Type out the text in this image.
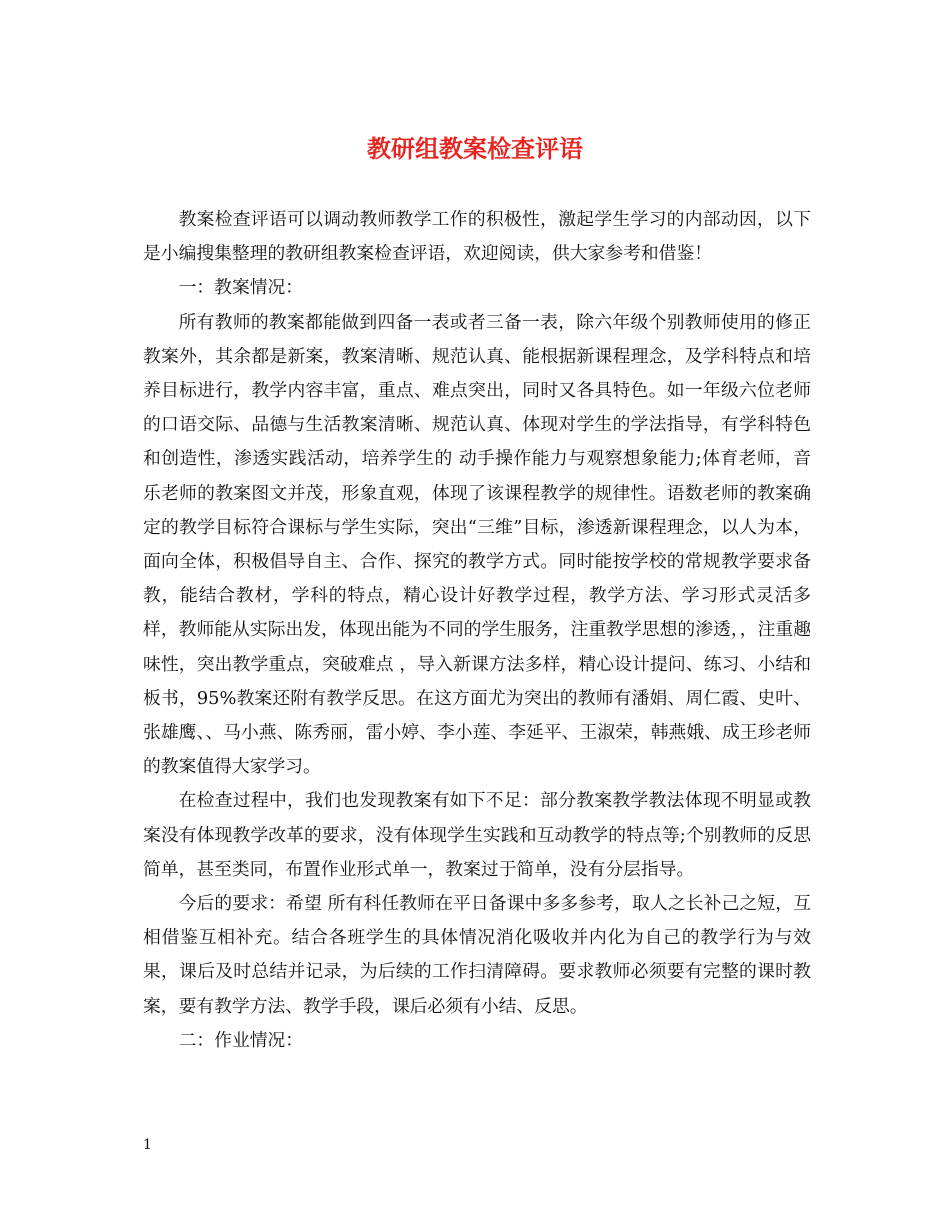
教研组教案检查评语

教案检查评语可以调动教师教学工作的积极性，激起学生学习的内部动因，以下是小编搜集整理的教研组教案检查评语，欢迎阅读，供大家参考和借鉴！

一：教案情况：

所有教师的教案都能做到四备一表或者三备一表，除六年级个别教师使用的修正教案外，其余都是新案，教案清晰、规范认真、能根据新课程理念，及学科特点和培养目标进行，教学内容丰富，重点、难点突出，同时又各具特色。如一年级六位老师的口语交际、品德与生活教案清晰、规范认真、体现对学生的学法指导，有学科特色和创造性，渗透实践活动，培养学生的 动手操作能力与观察想象能力;体育老师，音乐老师的教案图文并茂，形象直观，体现了该课程教学的规律性。语数老师的教案确定的教学目标符合课标与学生实际，突出“三维”目标，渗透新课程理念，以人为本，面向全体，积极倡导自主、合作、探究的教学方式。同时能按学校的常规教学要求备教，能结合教材，学科的特点，精心设计好教学过程，教学方法、学习形式灵活多样，教师能从实际出发，体现出能为不同的学生服务，注重教学思想的渗透，，注重趣味性，突出教学重点，突破难点 ，导入新课方法多样，精心设计提问、练习、小结和板书，95%教案还附有教学反思。在这方面尤为突出的教师有潘娟、周仁霞、史叶、张雄鹰、、马小燕、陈秀丽，雷小婷、李小莲、李延平、王淑荣，韩燕娥、成王珍老师的教案值得大家学习。

在检查过程中，我们也发现教案有如下不足：部分教案教学教法体现不明显或教案没有体现教学改革的要求，没有体现学生实践和互动教学的特点等;个别教师的反思简单，甚至类同，布置作业形式单一，教案过于简单，没有分层指导。

今后的要求：希望 所有科任教师在平日备课中多多参考，取人之长补己之短，互相借鉴互相补充。结合各班学生的具体情况消化吸收并内化为自己的教学行为与效果，课后及时总结并记录，为后续的工作扫清障碍。要求教师必须要有完整的课时教案，要有教学方法、教学手段，课后必须有小结、反思。

二：作业情况：

1
